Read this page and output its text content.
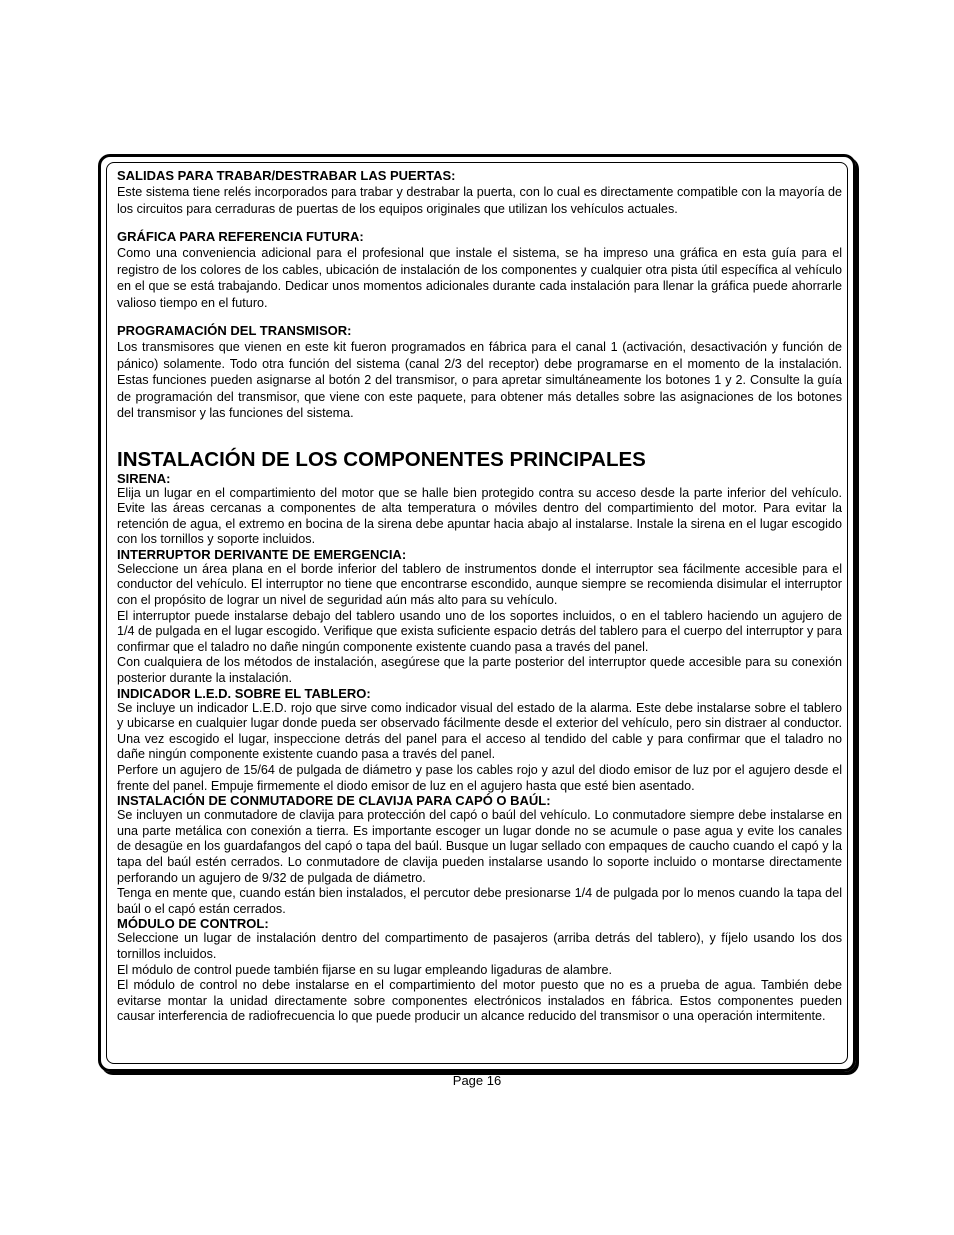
SALIDAS PARA TRABAR/DESTRABAR LAS PUERTAS:

Este sistema tiene relés incorporados para trabar y destrabar la puerta, con lo cual es directamente compatible con la mayoría de los circuitos para cerraduras de puertas de los equipos originales que utilizan los vehículos actuales.

GRÁFICA PARA REFERENCIA FUTURA:

Como una conveniencia adicional para el profesional que instale el sistema, se ha impreso una gráfica en esta guía para el registro de los colores de los cables, ubicación de instalación de los componentes y cualquier otra pista útil específica al vehículo en el que se está trabajando. Dedicar unos momentos adicionales durante cada instalación para llenar la gráfica puede ahorrarle valioso tiempo en el futuro.

PROGRAMACIÓN DEL TRANSMISOR:

Los transmisores que vienen en este kit fueron programados en fábrica para el canal 1 (activación, desactivación y función de pánico) solamente. Todo otra función del sistema (canal 2/3 del receptor) debe programarse en el momento de la instalación. Estas funciones pueden asignarse al botón 2 del transmisor, o para apretar simultáneamente los botones 1 y 2. Consulte la guía de programación del transmisor, que viene con este paquete, para obtener más detalles sobre las asignaciones de los botones del transmisor y las funciones del sistema.

INSTALACIÓN DE LOS COMPONENTES PRINCIPALES
SIRENA:

Elija un lugar en el compartimiento del motor que se halle bien protegido contra su acceso desde la parte inferior del vehículo. Evite las áreas cercanas a componentes de alta temperatura o móviles dentro del compartimiento del motor. Para evitar la retención de agua, el extremo en bocina de la sirena debe apuntar hacia abajo al instalarse. Instale la sirena en el lugar escogido con los tornillos y soporte incluidos.

INTERRUPTOR DERIVANTE DE EMERGENCIA:

Seleccione un área plana en el borde inferior del tablero de instrumentos donde el interruptor sea fácilmente accesible para el conductor del vehículo. El interruptor no tiene que encontrarse escondido, aunque siempre se recomienda disimular el interruptor con el propósito de lograr un nivel de seguridad aún más alto para su vehículo.

El interruptor puede instalarse debajo del tablero usando uno de los soportes incluidos, o en el tablero haciendo un agujero de 1/4 de pulgada en el lugar escogido. Verifique que exista suficiente espacio detrás del tablero para el cuerpo del interruptor y para confirmar que el taladro no dañe ningún componente existente cuando pasa a través del panel.

Con cualquiera de los métodos de instalación, asegúrese que la parte posterior del interruptor quede accesible para su conexión posterior durante la instalación.

INDICADOR L.E.D. SOBRE EL TABLERO:

Se incluye un indicador L.E.D. rojo que sirve como indicador visual del estado de la alarma. Este debe instalarse sobre el tablero y ubicarse en cualquier lugar donde pueda ser observado fácilmente desde el exterior del vehículo, pero sin distraer al conductor. Una vez escogido el lugar, inspeccione detrás del panel para el acceso al tendido del cable y para confirmar que el taladro no dañe ningún componente existente cuando pasa a través del panel.

Perfore un agujero de 15/64 de pulgada de diámetro y pase los cables rojo y azul del diodo emisor de luz por el agujero desde el frente del panel. Empuje firmemente el diodo emisor de luz en el agujero hasta que esté bien asentado.

INSTALACIÓN DE CONMUTADORE DE CLAVIJA PARA CAPÓ O BAÚL:

Se incluyen un conmutadore de clavija para protección del capó o baúl del vehículo. Lo conmutadore siempre debe instalarse en una parte metálica con conexión a tierra. Es importante escoger un lugar donde no se acumule o pase agua y evite los canales de desagüe en los guardafangos del capó o tapa del baúl. Busque un lugar sellado con empaques de caucho cuando el capó y la tapa del baúl estén cerrados. Lo conmutadore de clavija pueden instalarse usando lo soporte incluido o montarse directamente perforando un agujero de 9/32 de pulgada de diámetro.

Tenga en mente que, cuando están bien instalados, el percutor debe presionarse 1/4 de pulgada por lo menos cuando la tapa del baúl o el capó están cerrados.

MÓDULO DE CONTROL:

Seleccione un lugar de instalación dentro del compartimento de pasajeros (arriba detrás del tablero), y fíjelo usando los dos tornillos incluidos.

El módulo de control puede también fijarse en su lugar empleando ligaduras de alambre.

El módulo de control no debe instalarse en el compartimiento del motor puesto que no es a prueba de agua. También debe evitarse montar la unidad directamente sobre componentes electrónicos instalados en fábrica. Estos componentes pueden causar interferencia de radiofrecuencia lo que puede producir un alcance reducido del transmisor o una operación intermitente.

Page 16
